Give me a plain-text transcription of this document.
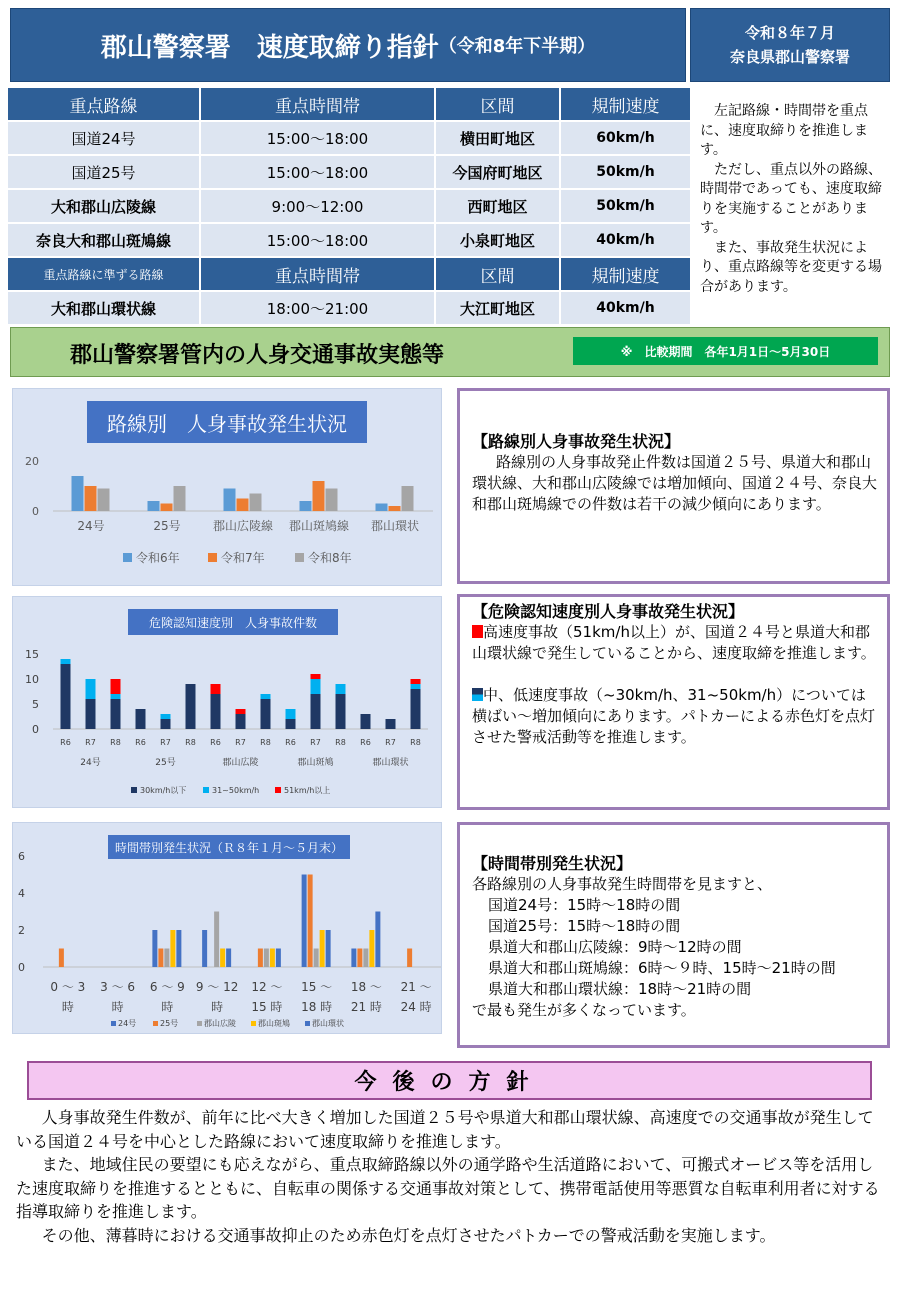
郡山警察署　速度取締り指針 （令和8年下半期）
令和８年７月
奈良県郡山警察署
重点路線	重点時間帯	区間	規制速度
国道24号	15:00～18:00	横田町地区	60km/h
国道25号	15:00～18:00	今国府町地区	50km/h
大和郡山広陵線	9:00～12:00	西町地区	50km/h
奈良大和郡山斑鳩線	15:00～18:00	小泉町地区	40km/h
重点路線に準ずる路線	重点時間帯	区間	規制速度
大和郡山環状線	18:00～21:00	大江町地区	40km/h

左記路線・時間帯を重点に、速度取締りを推進します。

ただし、重点以外の路線、時間帯であっても、速度取締りを実施することがあります。

また、事故発生状況により、重点路線等を変更する場合があります。

郡山警察署管内の人身交通事故実態等	※　比較期間　各年1月1日～5月30日
路線別　人身事故発生状況
0
20
24号	25号	郡山広陵線 郡山斑鳩線 郡山環状
令和6年	令和7年	令和8年
危険認知速度別　人身事故件数
0
5
10
15
R6 R7 R8 R6 R7 R8 R6 R7 R8 R6 R7 R8 R6 R7 R8
24号	25号	郡山広陵	郡山斑鳩	郡山環状
30km/h以下	31~50km/h	51km/h以上
時間帯別発生状況（Ｒ８年１月～５月末）
0
2
4
6
0 ～ 3
時
3 ～ 6
時
6 ～ 9
時
9 ～ 12
時
12 ～
15 時
15 ～
18 時
18 ～
21 時
21 ～
24 時
24号	25号	郡山広陵	郡山斑鳩	郡山環状
【路線別人身事故発生状況】

路線別の人身事故発止件数は国道２５号、県道大和郡山環状線、大和郡山広陵線では増加傾向、国道２４号、奈良大和郡山斑鳩線での件数は若干の減少傾向にあります。

【危険認知速度別人身事故発生状況】

高速度事故（51km/h以上）が、国道２４号と県道大和郡山環状線で発生していることから、速度取締を推進します。

中、低速度事故（~30km/h、31~50km/h）については横ばい～増加傾向にあります。パトカーによる赤色灯を点灯させた警戒活動等を推進します。

【時間帯別発生状況】
各路線別の人身事故発生時間帯を見ますと、
国道24号：15時～18時の間
国道25号：15時～18時の間
県道大和郡山広陵線：9時～12時の間
県道大和郡山斑鳩線：6時～９時、15時～21時の間
県道大和郡山環状線：18時～21時の間
で最も発生が多くなっています。
今後の方針

人身事故発生件数が、前年に比べ大きく増加した国道２５号や県道大和郡山環状線、高速度での交通事故が発生している国道２４号を中心とした路線において速度取締りを推進します。

また、地域住民の要望にも応えながら、重点取締路線以外の通学路や生活道路において、可搬式オービス等を活用した速度取締りを推進するとともに、自転車の関係する交通事故対策として、携帯電話使用等悪質な自転車利用者に対する指導取締りを推進します。

その他、薄暮時における交通事故抑止のため赤色灯を点灯させたパトカーでの警戒活動を実施します。
